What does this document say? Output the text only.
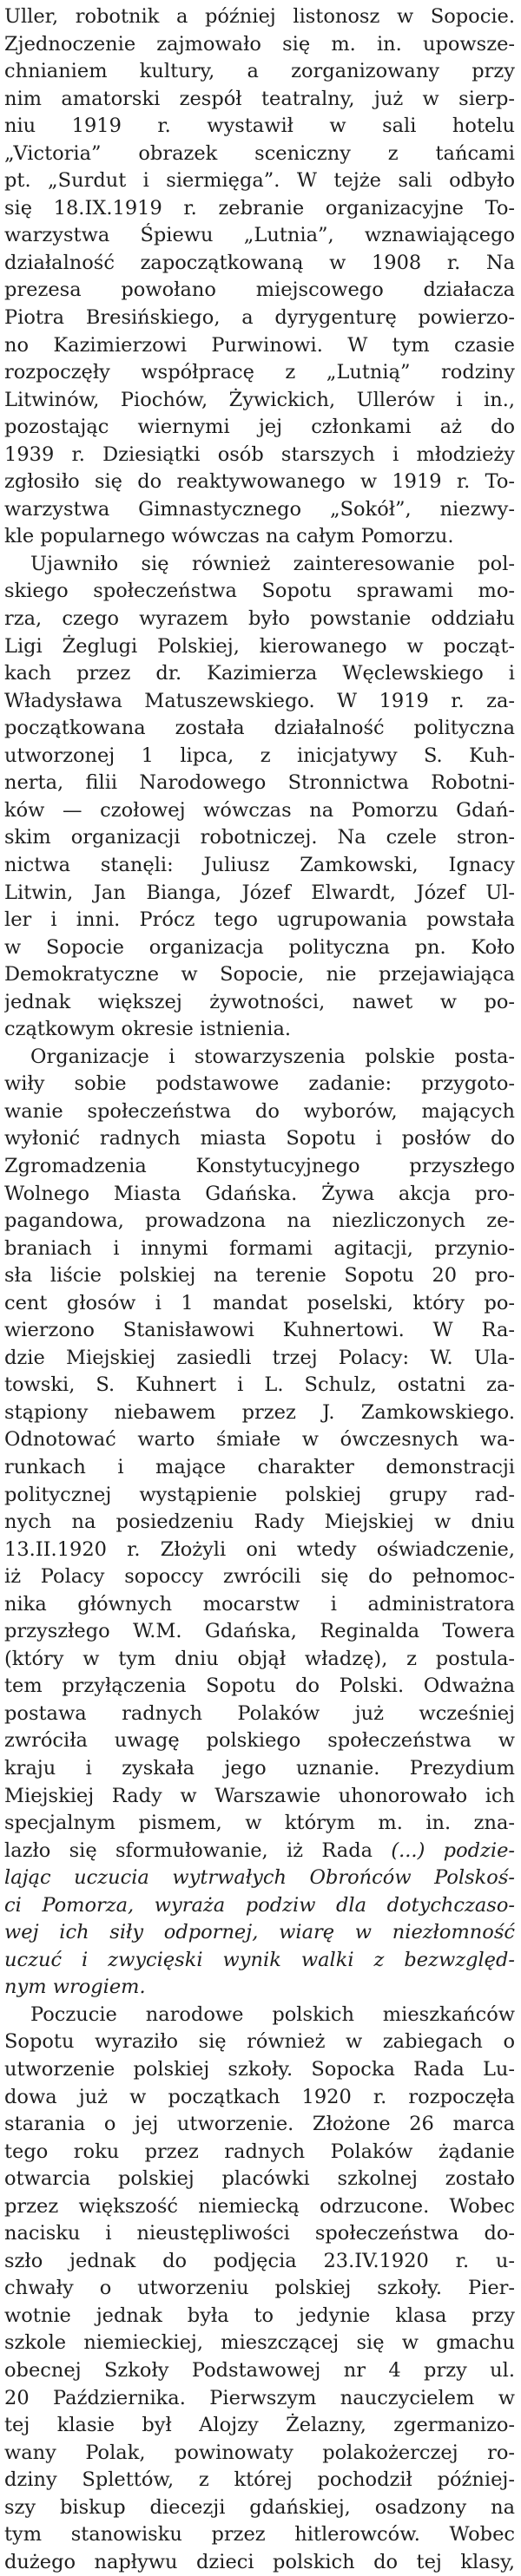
Uller, robotnik a później listonosz w Sopocie.
Zjednoczenie zajmowało się m. in. upowsze-
chnianiem kultury, a zorganizowany przy
nim amatorski zespół teatralny, już w sierp-
niu 1919 r. wystawił w sali hotelu
„Victoria” obrazek sceniczny z tańcami
pt. „Surdut i siermięga”. W tejże sali odbyło
się 18.IX.1919 r. zebranie organizacyjne To-
warzystwa Śpiewu „Lutnia”, wznawiającego
działalność zapoczątkowaną w 1908 r. Na
prezesa powołano miejscowego działacza
Piotra Bresińskiego, a dyrygenturę powierzo-
no Kazimierzowi Purwinowi. W tym czasie
rozpoczęły współpracę z „Lutnią” rodziny
Litwinów, Piochów, Żywickich, Ullerów i in.,
pozostając wiernymi jej członkami aż do
1939 r. Dziesiątki osób starszych i młodzieży
zgłosiło się do reaktywowanego w 1919 r. To-
warzystwa Gimnastycznego „Sokół”, niezwy-
kle popularnego wówczas na całym Pomorzu.
Ujawniło się również zainteresowanie pol-
skiego społeczeństwa Sopotu sprawami mo-
rza, czego wyrazem było powstanie oddziału
Ligi Żeglugi Polskiej, kierowanego w począt-
kach przez dr. Kazimierza Węclewskiego i
Władysława Matuszewskiego. W 1919 r. za-
początkowana została działalność polityczna
utworzonej 1 lipca, z inicjatywy S. Kuh-
nerta, filii Narodowego Stronnictwa Robotni-
ków — czołowej wówczas na Pomorzu Gdań-
skim organizacji robotniczej. Na czele stron-
nictwa stanęli: Juliusz Zamkowski, Ignacy
Litwin, Jan Bianga, Józef Elwardt, Józef Ul-
ler i inni. Prócz tego ugrupowania powstała
w Sopocie organizacja polityczna pn. Koło
Demokratyczne w Sopocie, nie przejawiająca
jednak większej żywotności, nawet w po-
czątkowym okresie istnienia.
Organizacje i stowarzyszenia polskie posta-
wiły sobie podstawowe zadanie: przygoto-
wanie społeczeństwa do wyborów, mających
wyłonić radnych miasta Sopotu i posłów do
Zgromadzenia Konstytucyjnego przyszłego
Wolnego Miasta Gdańska. Żywa akcja pro-
pagandowa, prowadzona na niezliczonych ze-
braniach i innymi formami agitacji, przynio-
sła liście polskiej na terenie Sopotu 20 pro-
cent głosów i 1 mandat poselski, który po-
wierzono Stanisławowi Kuhnertowi. W Ra-
dzie Miejskiej zasiedli trzej Polacy: W. Ula-
towski, S. Kuhnert i L. Schulz, ostatni za-
stąpiony niebawem przez J. Zamkowskiego.
Odnotować warto śmiałe w ówczesnych wa-
runkach i mające charakter demonstracji
politycznej wystąpienie polskiej grupy rad-
nych na posiedzeniu Rady Miejskiej w dniu
13.II.1920 r. Złożyli oni wtedy oświadczenie,
iż Polacy sopoccy zwrócili się do pełnomoc-
nika głównych mocarstw i administratora
przyszłego W.M. Gdańska, Reginalda Towera
(który w tym dniu objął władzę), z postula-
tem przyłączenia Sopotu do Polski. Odważna
postawa radnych Polaków już wcześniej
zwróciła uwagę polskiego społeczeństwa w
kraju i zyskała jego uznanie. Prezydium
Miejskiej Rady w Warszawie uhonorowało ich
specjalnym pismem, w którym m. in. zna-
lazło się sformułowanie, iż Rada (...) podzie-
lając uczucia wytrwałych Obrońców Polskoś-
ci Pomorza, wyraża podziw dla dotychczaso-
wej ich siły odpornej, wiarę w niezłomność
uczuć i zwycięski wynik walki z bezwzględ-
nym wrogiem.
Poczucie narodowe polskich mieszkańców
Sopotu wyraziło się również w zabiegach o
utworzenie polskiej szkoły. Sopocka Rada Lu-
dowa już w początkach 1920 r. rozpoczęła
starania o jej utworzenie. Złożone 26 marca
tego roku przez radnych Polaków żądanie
otwarcia polskiej placówki szkolnej zostało
przez większość niemiecką odrzucone. Wobec
nacisku i nieustępliwości społeczeństwa do-
szło jednak do podjęcia 23.IV.1920 r. u-
chwały o utworzeniu polskiej szkoły. Pier-
wotnie jednak była to jedynie klasa przy
szkole niemieckiej, mieszczącej się w gmachu
obecnej Szkoły Podstawowej nr 4 przy ul.
20 Października. Pierwszym nauczycielem w
tej klasie był Alojzy Żelazny, zgermanizo-
wany Polak, powinowaty polakożerczej ro-
dziny Splettów, z której pochodził później-
szy biskup diecezji gdańskiej, osadzony na
tym stanowisku przez hitlerowców. Wobec
dużego napływu dzieci polskich do tej klasy,
